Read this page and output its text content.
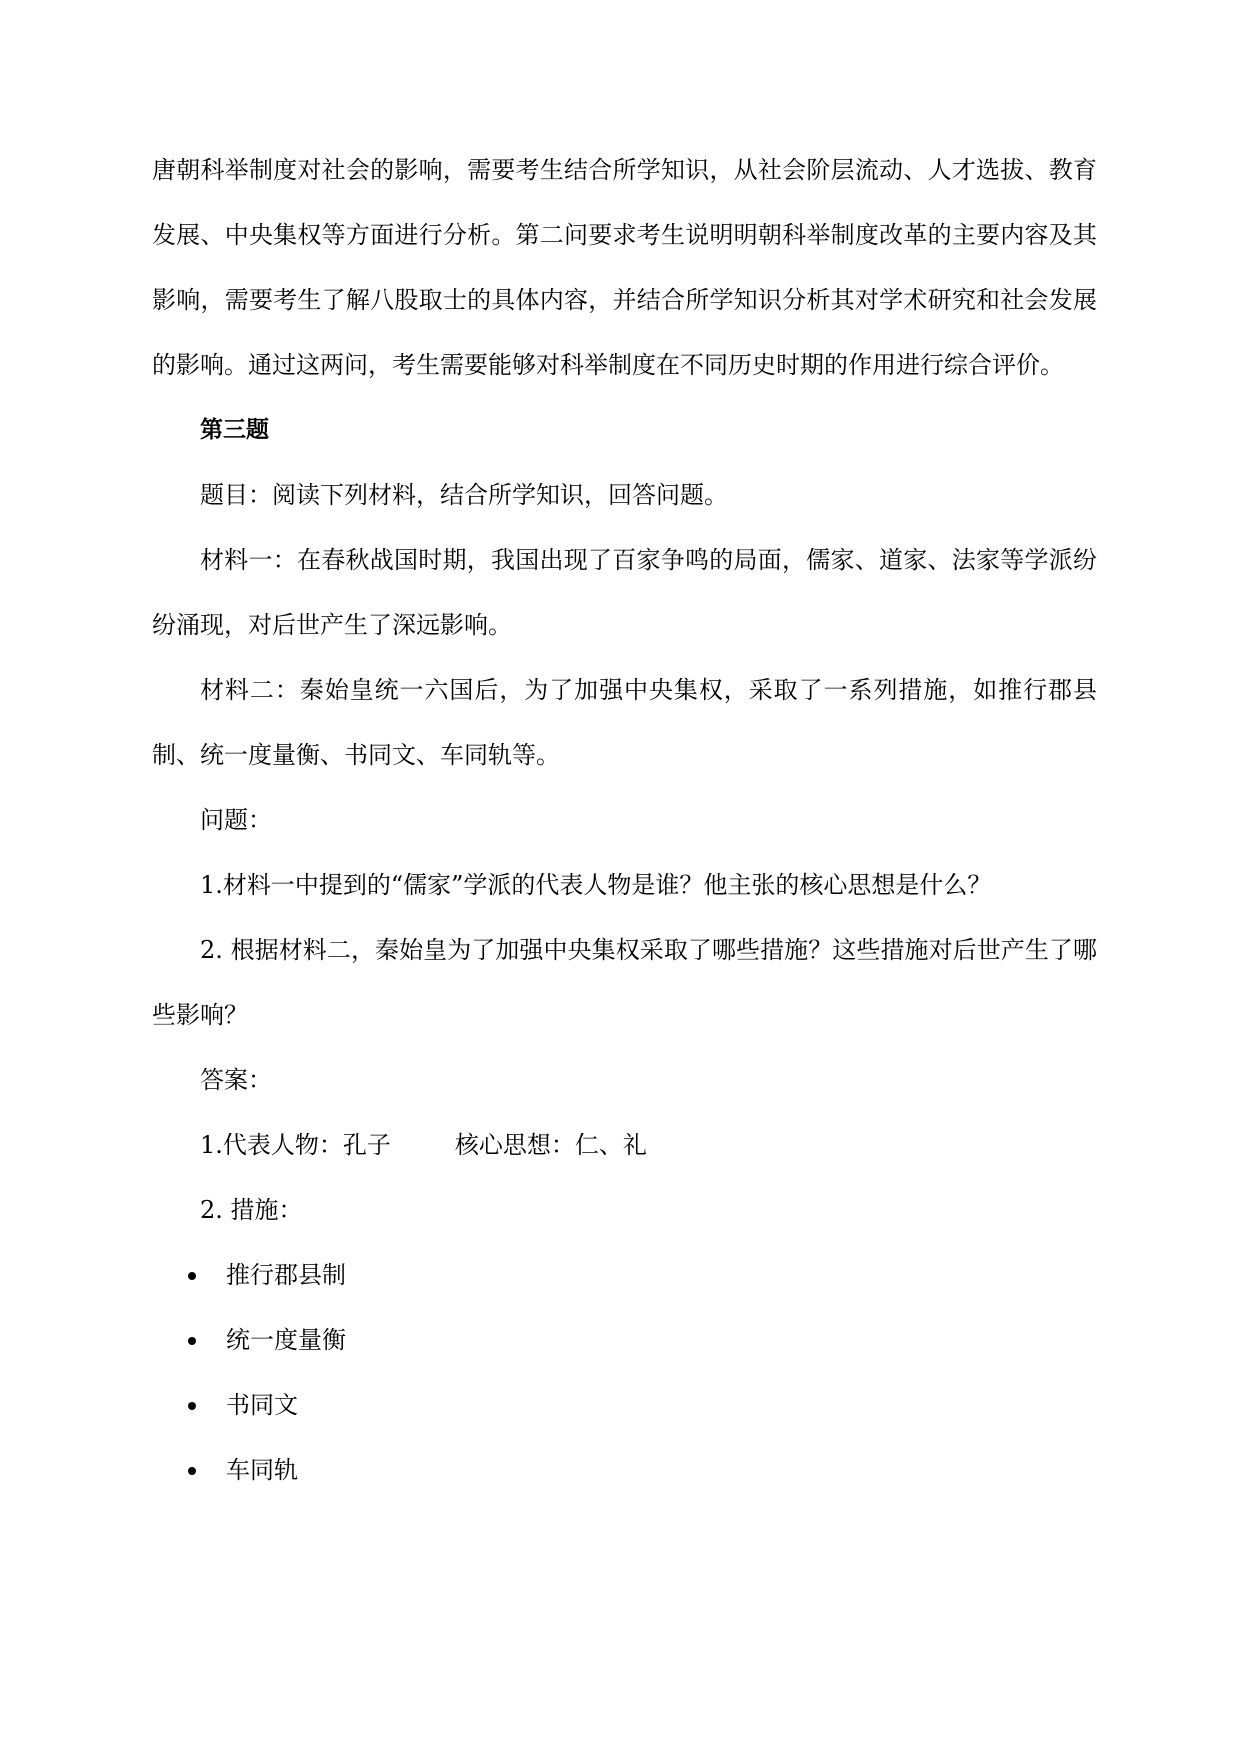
唐朝科举制度对社会的影响，需要考生结合所学知识，从社会阶层流动、人才选拔、教育发展、中央集权等方面进行分析。第二问要求考生说明明朝科举制度改革的主要内容及其影响，需要考生了解八股取士的具体内容，并结合所学知识分析其对学术研究和社会发展的影响。通过这两问，考生需要能够对科举制度在不同历史时期的作用进行综合评价。

第三题

题目：阅读下列材料，结合所学知识，回答问题。

材料一：在春秋战国时期，我国出现了百家争鸣的局面，儒家、道家、法家等学派纷纷涌现，对后世产生了深远影响。

材料二：秦始皇统一六国后，为了加强中央集权，采取了一系列措施，如推行郡县制、统一度量衡、书同文、车同轨等。

问题：

1.材料一中提到的“儒家”学派的代表人物是谁？他主张的核心思想是什么？

2. 根据材料二，秦始皇为了加强中央集权采取了哪些措施？这些措施对后世产生了哪些影响？

答案：

1.代表人物：孔子	核心思想：仁、礼

2. 措施：

推行郡县制
统一度量衡
书同文
车同轨
